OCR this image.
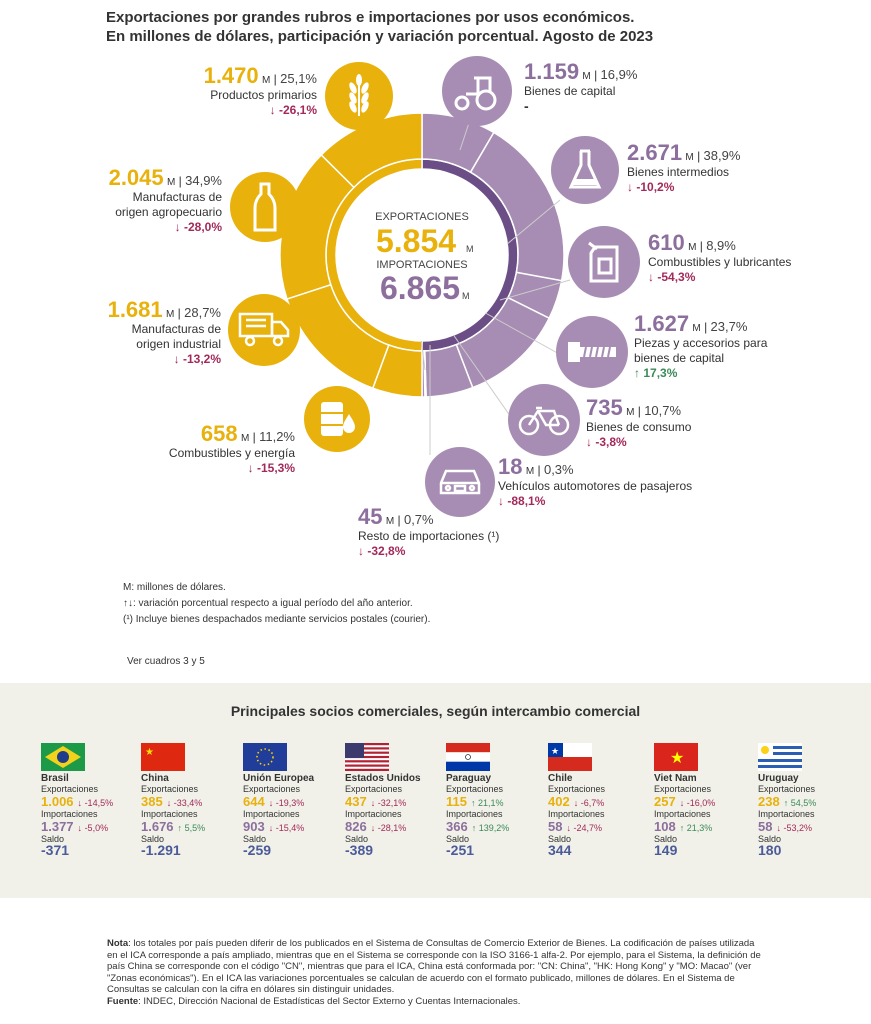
Exportaciones por grandes rubros e importaciones por usos económicos.
En millones de dólares, participación y variación porcentual. Agosto de 2023
EXPORTACIONES
5.854 M
IMPORTACIONES
6.865 M
Exportaciones	Importaciones
1.470 M | 25,1%
Productos primarios
↓ -26,1%
2.045 M | 34,9%
Manufacturas de
origen agropecuario
↓ -28,0%
1.681 M | 28,7%
Manufacturas de
origen industrial
↓ -13,2%
658 M | 11,2%
Combustibles y energía
↓ -15,3%
1.159 M | 16,9%
Bienes de capital
-
2.671 M | 38,9%
Bienes intermedios
↓ -10,2%
610 M | 8,9%
Combustibles y lubricantes
↓ -54,3%
1.627 M | 23,7%
Piezas y accesorios para
bienes de capital
↑ 17,3%
735 M | 10,7%
Bienes de consumo
↓ -3,8%
18 M | 0,3%
Vehículos automotores de pasajeros
↓ -88,1%
45 M | 0,7%
Resto de importaciones (¹)
↓ -32,8%
M: millones de dólares.
↑↓: variación porcentual respecto a igual período del año anterior.
(¹) Incluye bienes despachados mediante servicios postales (courier).
Ver cuadros 3 y 5
Principales socios comerciales, según intercambio comercial
Brasil
Exportaciones
1.006 ↓ -14,5%
Importaciones
1.377 ↓ -5,0%
Saldo
-371
★
China
Exportaciones
385 ↓ -33,4%
Importaciones
1.676 ↑ 5,5%
Saldo
-1.291
Unión Europea
Exportaciones
644 ↓ -19,3%
Importaciones
903 ↓ -15,4%
Saldo
-259
Estados Unidos
Exportaciones
437 ↓ -32,1%
Importaciones
826 ↓ -28,1%
Saldo
-389
Paraguay
Exportaciones
115 ↑ 21,1%
Importaciones
366 ↑ 139,2%
Saldo
-251
★
Chile
Exportaciones
402 ↓ -6,7%
Importaciones
58 ↓ -24,7%
Saldo
344
★
Viet Nam
Exportaciones
257 ↓ -16,0%
Importaciones
108 ↑ 21,3%
Saldo
149
Uruguay
Exportaciones
238 ↑ 54,5%
Importaciones
58 ↓ -53,2%
Saldo
180
Nota: los totales por país pueden diferir de los publicados en el Sistema de Consultas de Comercio Exterior de Bienes. La codificación de países utilizada en el ICA corresponde a país ampliado, mientras que en el Sistema se corresponde con la ISO 3166-1 alfa-2. Por ejemplo, para el Sistema, la definición de país China se corresponde con el código "CN", mientras que para el ICA, China está conformada por: "CN: China", "HK: Hong Kong" y "MO: Macao" (ver "Zonas económicas"). En el ICA las variaciones porcentuales se calculan de acuerdo con el formato publicado, millones de dólares. En el Sistema de Consultas se calculan con la cifra en dólares sin distinguir unidades.
Fuente: INDEC, Dirección Nacional de Estadísticas del Sector Externo y Cuentas Internacionales.
